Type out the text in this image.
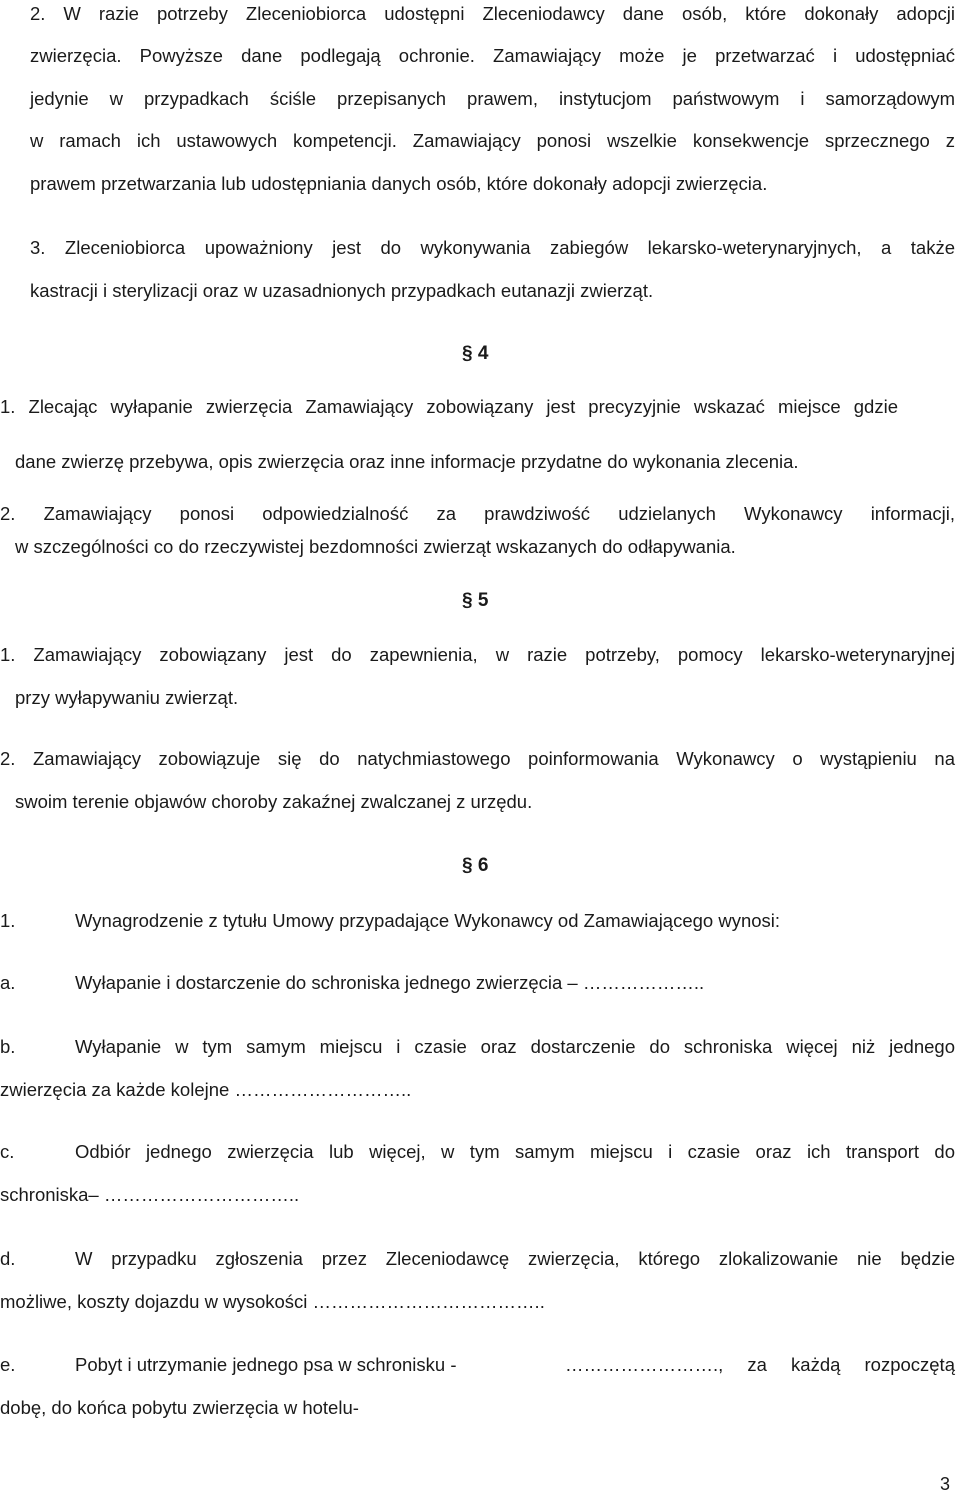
2. W razie potrzeby Zleceniobiorca udostępni Zleceniodawcy dane osób, które dokonały adopcji
zwierzęcia. Powyższe dane podlegają ochronie. Zamawiający może je przetwarzać i udostępniać
jedynie w przypadkach ściśle przepisanych prawem, instytucjom państwowym i samorządowym
w ramach ich ustawowych kompetencji. Zamawiający ponosi wszelkie konsekwencje sprzecznego z
prawem przetwarzania lub udostępniania danych osób, które dokonały adopcji zwierzęcia.
3. Zleceniobiorca upoważniony jest do wykonywania zabiegów lekarsko-weterynaryjnych, a także
kastracji i sterylizacji oraz w uzasadnionych przypadkach eutanazji zwierząt.
§ 4
1. Zlecając wyłapanie zwierzęcia Zamawiający zobowiązany jest precyzyjnie wskazać miejsce gdzie
dane zwierzę przebywa, opis zwierzęcia oraz inne informacje przydatne do wykonania zlecenia.
2. Zamawiający ponosi odpowiedzialność za prawdziwość udzielanych Wykonawcy informacji,
w szczególności co do rzeczywistej bezdomności zwierząt wskazanych do odłapywania.
§ 5
1. Zamawiający zobowiązany jest do zapewnienia, w razie potrzeby, pomocy lekarsko-weterynaryjnej
przy wyłapywaniu zwierząt.
2. Zamawiający zobowiązuje się do natychmiastowego poinformowania Wykonawcy o wystąpieniu na
swoim terenie objawów choroby zakaźnej zwalczanej z urzędu.
§ 6
1.	Wynagrodzenie z tytułu Umowy przypadające Wykonawcy od Zamawiającego wynosi:
a.	Wyłapanie i dostarczenie do schroniska jednego zwierzęcia – ………………..
b.	Wyłapanie w tym samym miejscu i czasie oraz dostarczenie do schroniska więcej niż jednego
zwierzęcia za każde kolejne ………………………..
c.	Odbiór jednego zwierzęcia lub więcej, w tym samym miejscu i czasie oraz ich transport do
schroniska– …………………………..
d.	W przypadku zgłoszenia przez Zleceniodawcę zwierzęcia, którego zlokalizowanie nie będzie
możliwe, koszty dojazdu w wysokości ………………………………..
e.	Pobyt i utrzymanie jednego psa w schronisku -	……………………., za każdą rozpoczętą
dobę, do końca pobytu zwierzęcia w hotelu-
3
